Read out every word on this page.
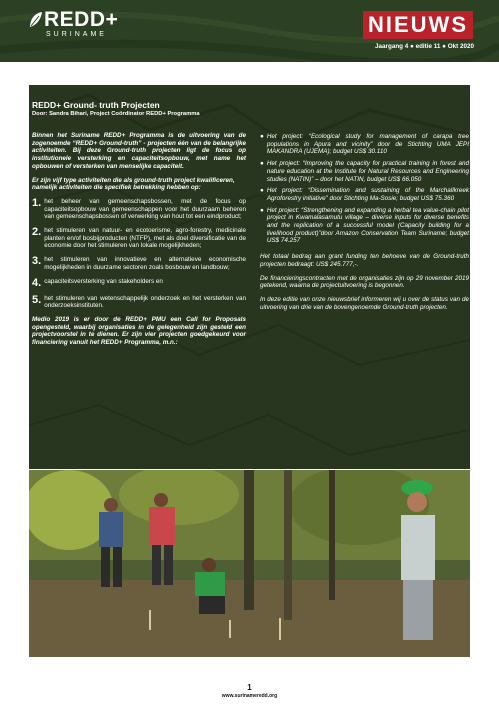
REDD+
SURINAME	NIEUWS
Jaargang 4 ● editie 11 ● Okt 2020
REDD+ Ground- truth Projecten
Door: Sandra Bihari, Project Coördinator REDD+ Programma

Binnen het Suriname REDD+ Programma is de uitvoering van de zogenoemde “REDD+ Ground-truth” - projecten één van de belangrijke activiteiten. Bij deze Ground-truth projecten ligt de focus op institutionele versterking en capaciteitsopbouw, met name het opbouwen of versterken van menselijke capaciteit.

Er zijn vijf type activiteiten die als ground-truth project kwalificeren, namelijk activiteiten die specifiek betrekking hebben op:

1. het beheer van gemeenschapsbossen, met de focus op capaciteitsopbouw van gemeenschappen voor het duurzaam beheren van gemeenschapsbossen of verwerking van hout tot een eindproduct;
2. het stimuleren van natuur- en ecotoerisme, agro-forestry, medicinale planten en/of bosbijproducten (NTFP), met als doel diversificatie van de economie door het stimuleren van lokale mogelijkheden;
3. het stimuleren van innovatieve en alternatieve economische mogelijkheden in duurzame sectoren zoals bosbouw en landbouw;
4. capaciteitsversterking van stakeholders en
5. het stimuleren van wetenschappelijk onderzoek en het versterken van onderzoeksinstituten.

Medio 2019 is er door de REDD+ PMU een Call for Proposals opengesteld, waarbij organisaties in de gelegenheid zijn gesteld een projectvoorstel in te dienen. Er zijn vier projecten goedgekeurd voor financiering vanuit het REDD+ Programma, m.n.:

● Het project: “Ecological study for management of carapa tree populations in Apura and vicinity” door de Stichting UMA JEPI MAKANDRA (UJEMA); budget US$ 30.110
● Het project: “Improving the capacity for practical training in forest and nature education at the Institute for Natural Resources and Engineering studies (NATIN)” – door het NATIN, budget US$ 66.050
● Het project: “Dissemination and sustaining of the Marchallkreek Agroforestry initiative” door Stichting Ma-Sosie; budget US$ 75.360
● Het project: “Strengthening and expanding a herbal tea value-chain pilot project in Kwamalasamutu village – diverse inputs for diverse benefits and the replication of a successful model (Capacity building for a livelihood product)”door Amazon Conservation Team Suriname; budget US$ 74.257

Het totaal bedrag aan grant funding ten behoeve van de Ground-truth projecten bedraagt: US$ 245.777,-.

De financieringscontracten met de organisaties zijn op 29 november 2019 getekend, waarna de projectuitvoering is begonnen.

In deze editie van onze nieuwsbrief informeren wij u over de status van de uitvoering van drie van de bovengenoemde Ground-truth projecten.

1
www.surinameredd.org
